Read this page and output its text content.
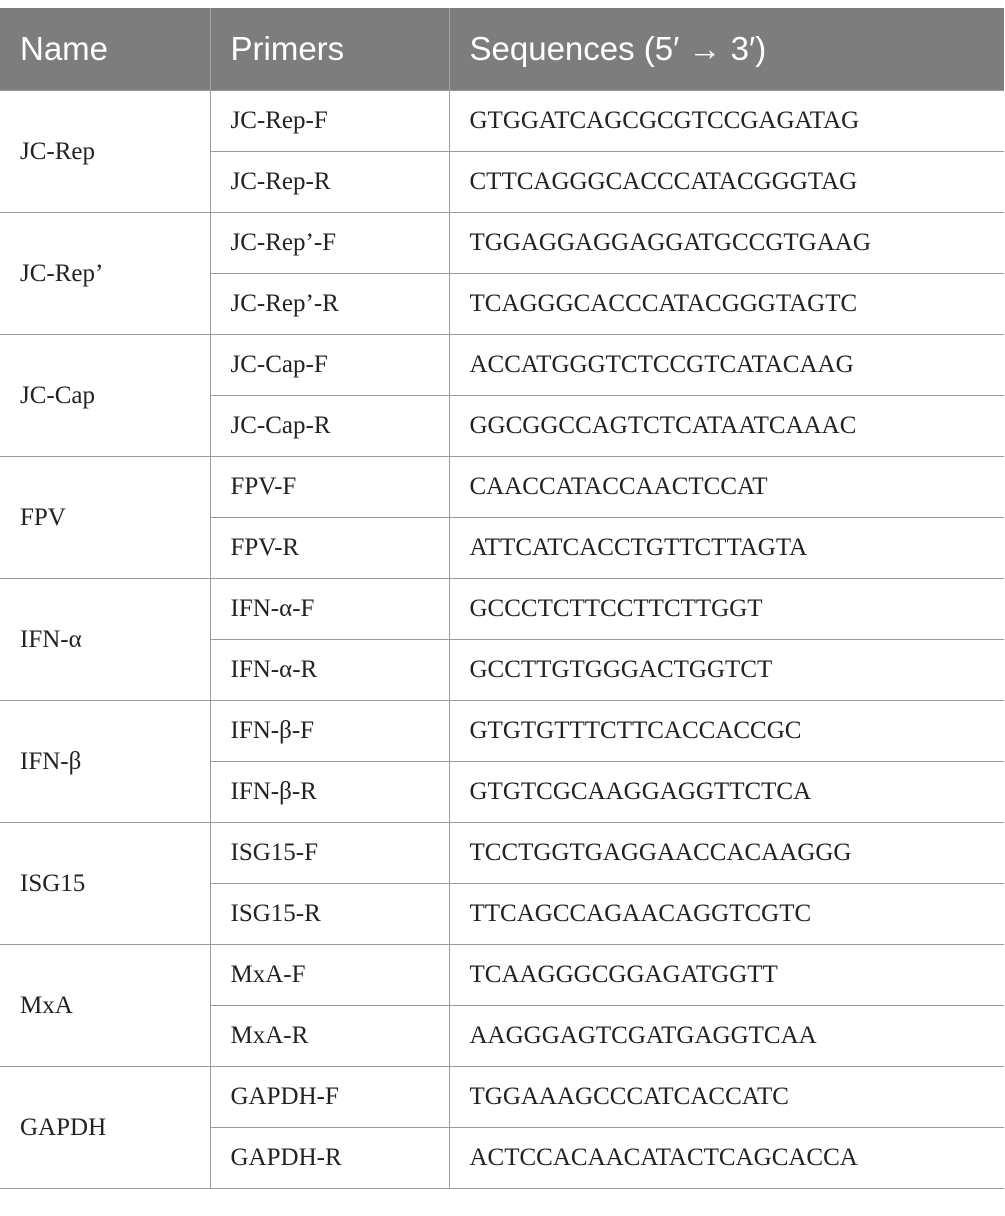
Name	Primers	Sequences (5′ → 3′)
JC-Rep	JC-Rep-F	GTGGATCAGCGCGTCCGAGATAG
	JC-Rep-R	CTTCAGGGCACCCATACGGGTAG
JC-Rep’	JC-Rep’-F	TGGAGGAGGAGGATGCCGTGAAG
	JC-Rep’-R	TCAGGGCACCCATACGGGTAGTC
JC-Cap	JC-Cap-F	ACCATGGGTCTCCGTCATACAAG
	JC-Cap-R	GGCGGCCAGTCTCATAATCAAAC
FPV	FPV-F	CAACCATACCAACTCCAT
	FPV-R	ATTCATCACCTGTTCTTAGTA
IFN-α	IFN-α-F	GCCCTCTTCCTTCTTGGT
	IFN-α-R	GCCTTGTGGGACTGGTCT
IFN-β	IFN-β-F	GTGTGTTTCTTCACCACCGC
	IFN-β-R	GTGTCGCAAGGAGGTTCTCA
ISG15	ISG15-F	TCCTGGTGAGGAACCACAAGGG
	ISG15-R	TTCAGCCAGAACAGGTCGTC
MxA	MxA-F	TCAAGGGCGGAGATGGTT
	MxA-R	AAGGGAGTCGATGAGGTCAA
GAPDH	GAPDH-F	TGGAAAGCCCATCACCATC
	GAPDH-R	ACTCCACAACATACTCAGCACCA
